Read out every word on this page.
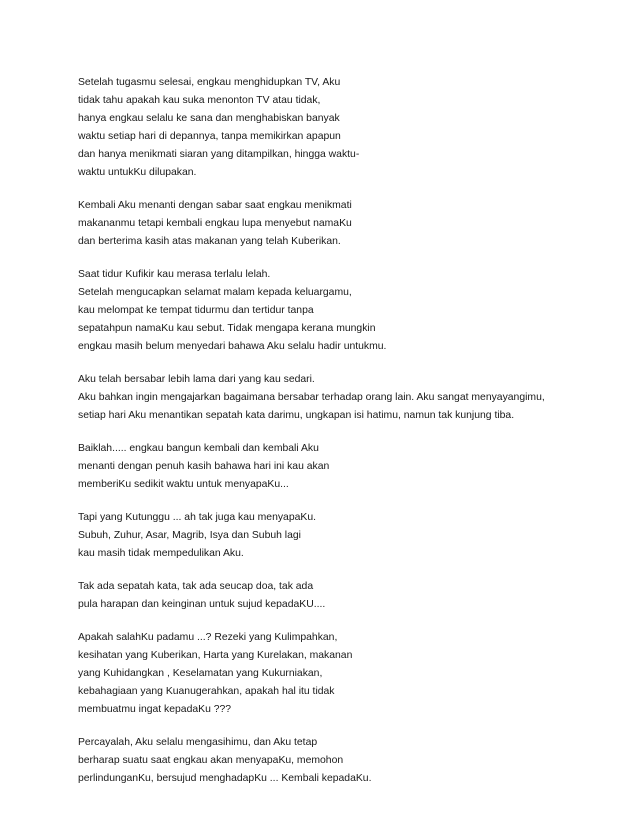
Setelah tugasmu selesai, engkau menghidupkan TV, Aku
tidak tahu apakah kau suka menonton TV atau tidak,
hanya engkau selalu ke sana dan menghabiskan banyak
waktu setiap hari di depannya, tanpa memikirkan apapun
dan hanya menikmati siaran yang ditampilkan, hingga waktu-
waktu untukKu dilupakan.
Kembali Aku menanti dengan sabar saat engkau menikmati
makananmu tetapi kembali engkau lupa menyebut namaKu
dan berterima kasih atas makanan yang telah Kuberikan.
Saat tidur Kufikir kau merasa terlalu lelah.
Setelah mengucapkan selamat malam kepada keluargamu,
kau melompat ke tempat tidurmu dan tertidur tanpa
sepatahpun namaKu kau sebut. Tidak mengapa kerana mungkin
engkau masih belum menyedari bahawa Aku selalu hadir untukmu.
Aku telah bersabar lebih lama dari yang kau sedari.
Aku bahkan ingin mengajarkan bagaimana bersabar terhadap orang lain. Aku sangat menyayangimu,
setiap hari Aku menantikan sepatah kata darimu, ungkapan isi hatimu, namun tak kunjung tiba.
Baiklah..... engkau bangun kembali dan kembali Aku
menanti dengan penuh kasih bahawa hari ini kau akan
memberiKu sedikit waktu untuk menyapaKu...
Tapi yang Kutunggu ... ah tak juga kau menyapaKu.
Subuh, Zuhur, Asar, Magrib, Isya dan Subuh lagi
kau masih tidak mempedulikan Aku.
Tak ada sepatah kata, tak ada seucap doa, tak ada
pula harapan dan keinginan untuk sujud kepadaKU....
Apakah salahKu padamu ...? Rezeki yang Kulimpahkan,
kesihatan yang Kuberikan, Harta yang Kurelakan, makanan
yang Kuhidangkan , Keselamatan yang Kukurniakan,
kebahagiaan yang Kuanugerahkan, apakah hal itu tidak
membuatmu ingat kepadaKu ???
Percayalah, Aku selalu mengasihimu, dan Aku tetap
berharap suatu saat engkau akan menyapaKu, memohon
perlindunganKu, bersujud menghadapKu ... Kembali kepadaKu.
